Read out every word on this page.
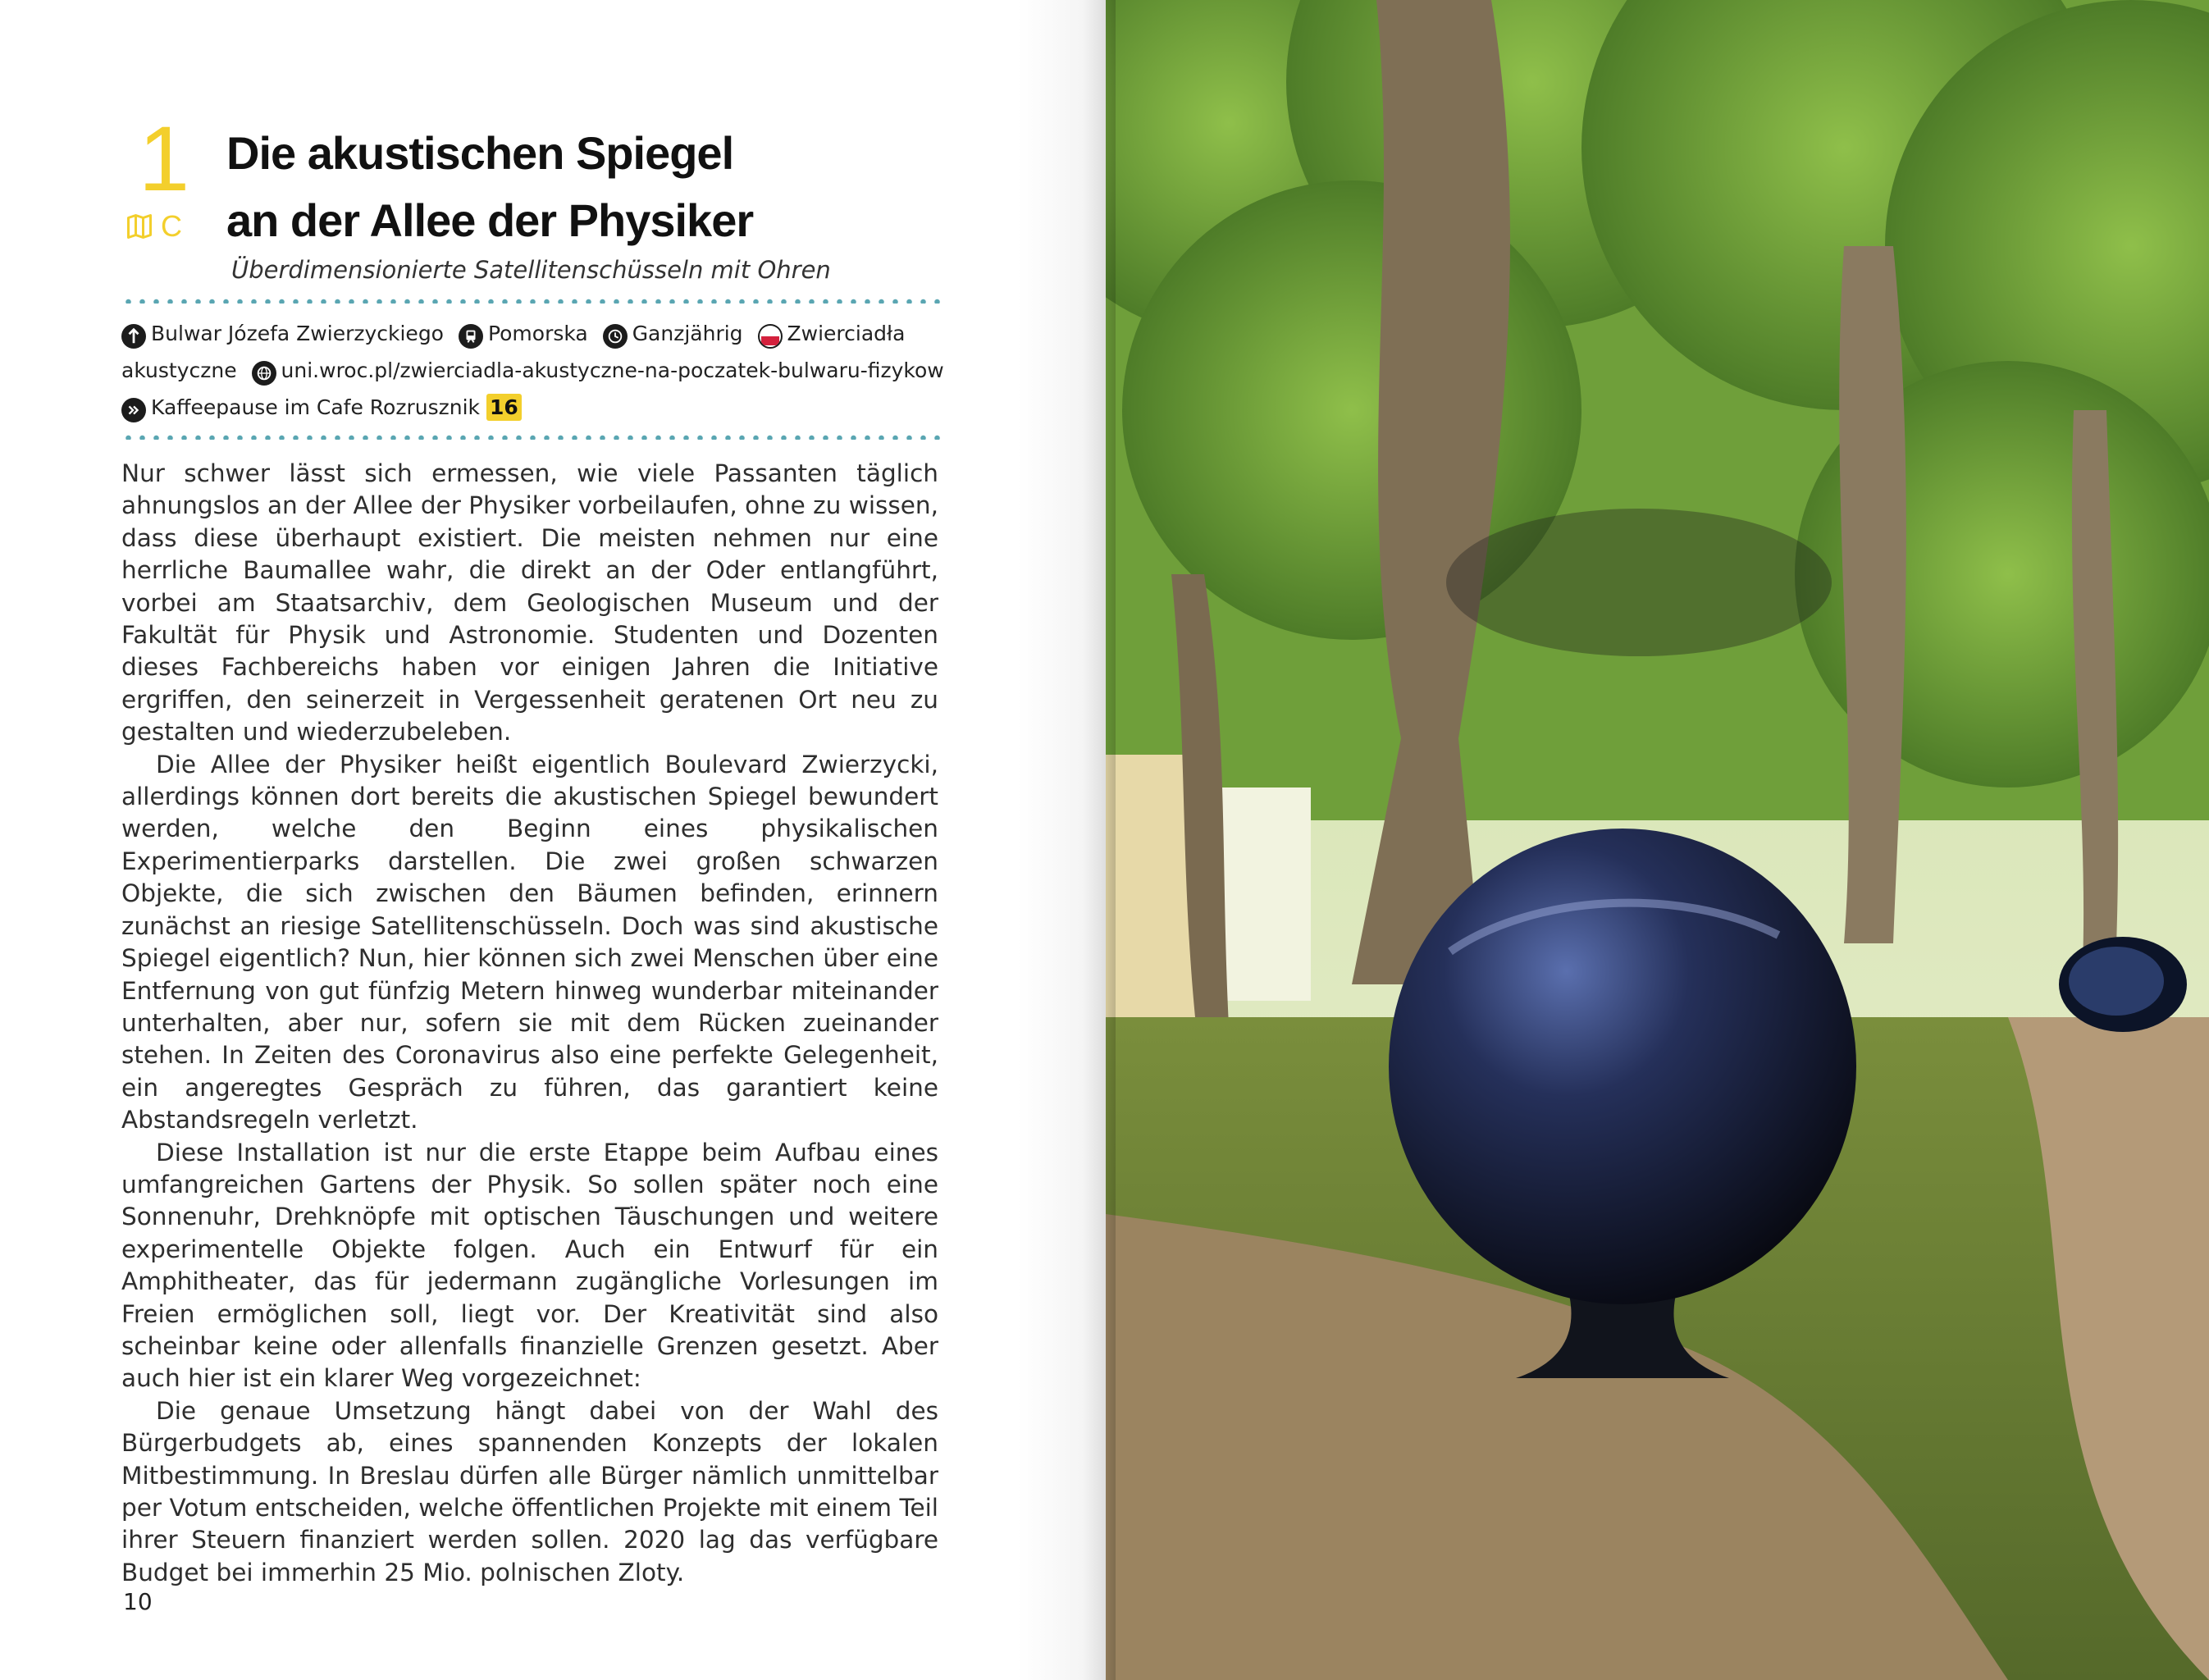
1
C
Die akustischen Spiegel
an der Allee der Physiker
Überdimensionierte Satellitenschüsseln mit Ohren
Bulwar Józefa Zwierzyckiego Pomorska Ganzjährig Zwierciadła akustyczne uni.wroc.pl/zwierciadla-akustyczne-na-poczatek-bulwaru-fizykow

Kaffeepause im Cafe Rozrusznik 16

Nur schwer lässt sich ermessen, wie viele Passanten täglich ahnungslos an der Allee der Physiker vorbeilaufen, ohne zu wissen, dass diese überhaupt existiert. Die meisten nehmen nur eine herrliche Baumallee wahr, die direkt an der Oder entlangführt, vorbei am Staatsarchiv, dem Geologischen Museum und der Fakultät für Physik und Astronomie. Studenten und Dozenten dieses Fachbereichs haben vor einigen Jahren die Initiative ergriffen, den seinerzeit in Vergessenheit geratenen Ort neu zu gestalten und wiederzubeleben.

Die Allee der Physiker heißt eigentlich Boulevard Zwierzycki, allerdings können dort bereits die akustischen Spiegel bewundert werden, welche den Beginn eines physikalischen Experimentierparks darstellen. Die zwei großen schwarzen Objekte, die sich zwischen den Bäumen befinden, erinnern zunächst an riesige Satellitenschüsseln. Doch was sind akustische Spiegel eigentlich? Nun, hier können sich zwei Menschen über eine Entfernung von gut fünfzig Metern hinweg wunderbar miteinander unterhalten, aber nur, sofern sie mit dem Rücken zueinander stehen. In Zeiten des Coronavirus also eine perfekte Gelegenheit, ein angeregtes Gespräch zu führen, das garantiert keine Abstandsregeln verletzt.

Diese Installation ist nur die erste Etappe beim Aufbau eines umfangreichen Gartens der Physik. So sollen später noch eine Sonnenuhr, Drehknöpfe mit optischen Täuschungen und weitere experimentelle Objekte folgen. Auch ein Entwurf für ein Amphitheater, das für jedermann zugängliche Vorlesungen im Freien ermöglichen soll, liegt vor. Der Kreativität sind also scheinbar keine oder allenfalls finanzielle Grenzen gesetzt. Aber auch hier ist ein klarer Weg vorgezeichnet:

Die genaue Umsetzung hängt dabei von der Wahl des Bürgerbudgets ab, eines spannenden Konzepts der lokalen Mitbestimmung. In Breslau dürfen alle Bürger nämlich unmittelbar per Votum entscheiden, welche öffentlichen Projekte mit einem Teil ihrer Steuern finanziert werden sollen. 2020 lag das verfügbare Budget bei immerhin 25 Mio. polnischen Zloty.

10
